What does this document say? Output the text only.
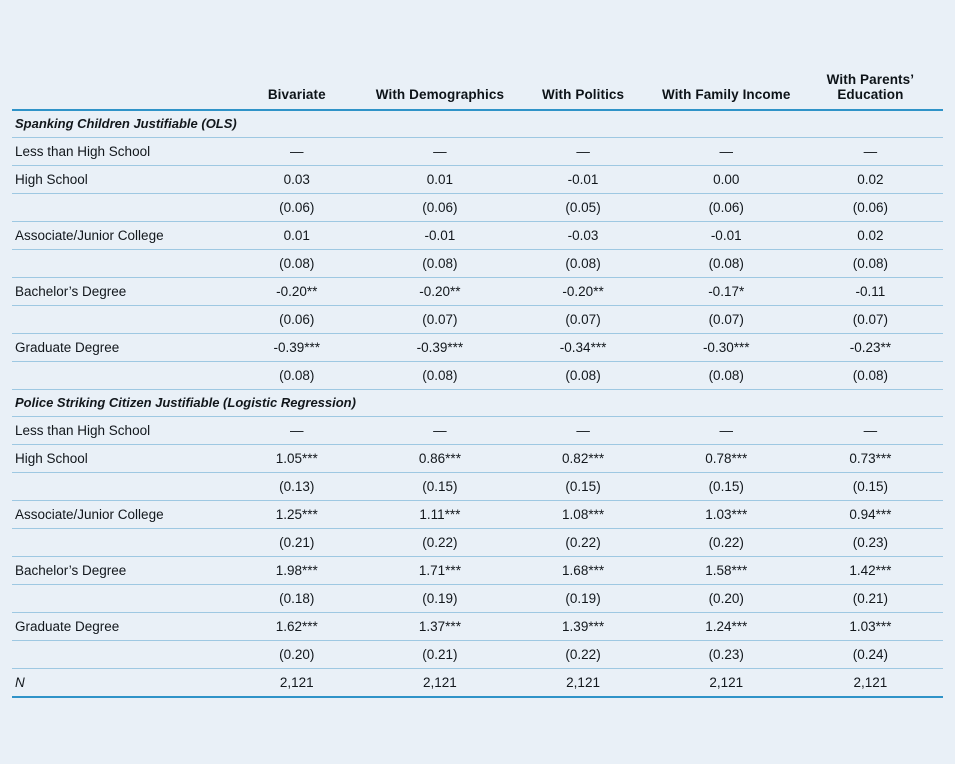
	Bivariate	With Demographics	With Politics	With Family Income	With Parents’ Education
Spanking Children Justifiable (OLS)					
Less than High School	—	—	—	—	—
High School	0.03	0.01	-0.01	0.00	0.02
	(0.06)	(0.06)	(0.05)	(0.06)	(0.06)
Associate/Junior College	0.01	-0.01	-0.03	-0.01	0.02
	(0.08)	(0.08)	(0.08)	(0.08)	(0.08)
Bachelor’s Degree	-0.20**	-0.20**	-0.20**	-0.17*	-0.11
	(0.06)	(0.07)	(0.07)	(0.07)	(0.07)
Graduate Degree	-0.39***	-0.39***	-0.34***	-0.30***	-0.23**
	(0.08)	(0.08)	(0.08)	(0.08)	(0.08)
Police Striking Citizen Justifiable (Logistic Regression)					
Less than High School	—	—	—	—	—
High School	1.05***	0.86***	0.82***	0.78***	0.73***
	(0.13)	(0.15)	(0.15)	(0.15)	(0.15)
Associate/Junior College	1.25***	1.11***	1.08***	1.03***	0.94***
	(0.21)	(0.22)	(0.22)	(0.22)	(0.23)
Bachelor’s Degree	1.98***	1.71***	1.68***	1.58***	1.42***
	(0.18)	(0.19)	(0.19)	(0.20)	(0.21)
Graduate Degree	1.62***	1.37***	1.39***	1.24***	1.03***
	(0.20)	(0.21)	(0.22)	(0.23)	(0.24)
N	2,121	2,121	2,121	2,121	2,121
